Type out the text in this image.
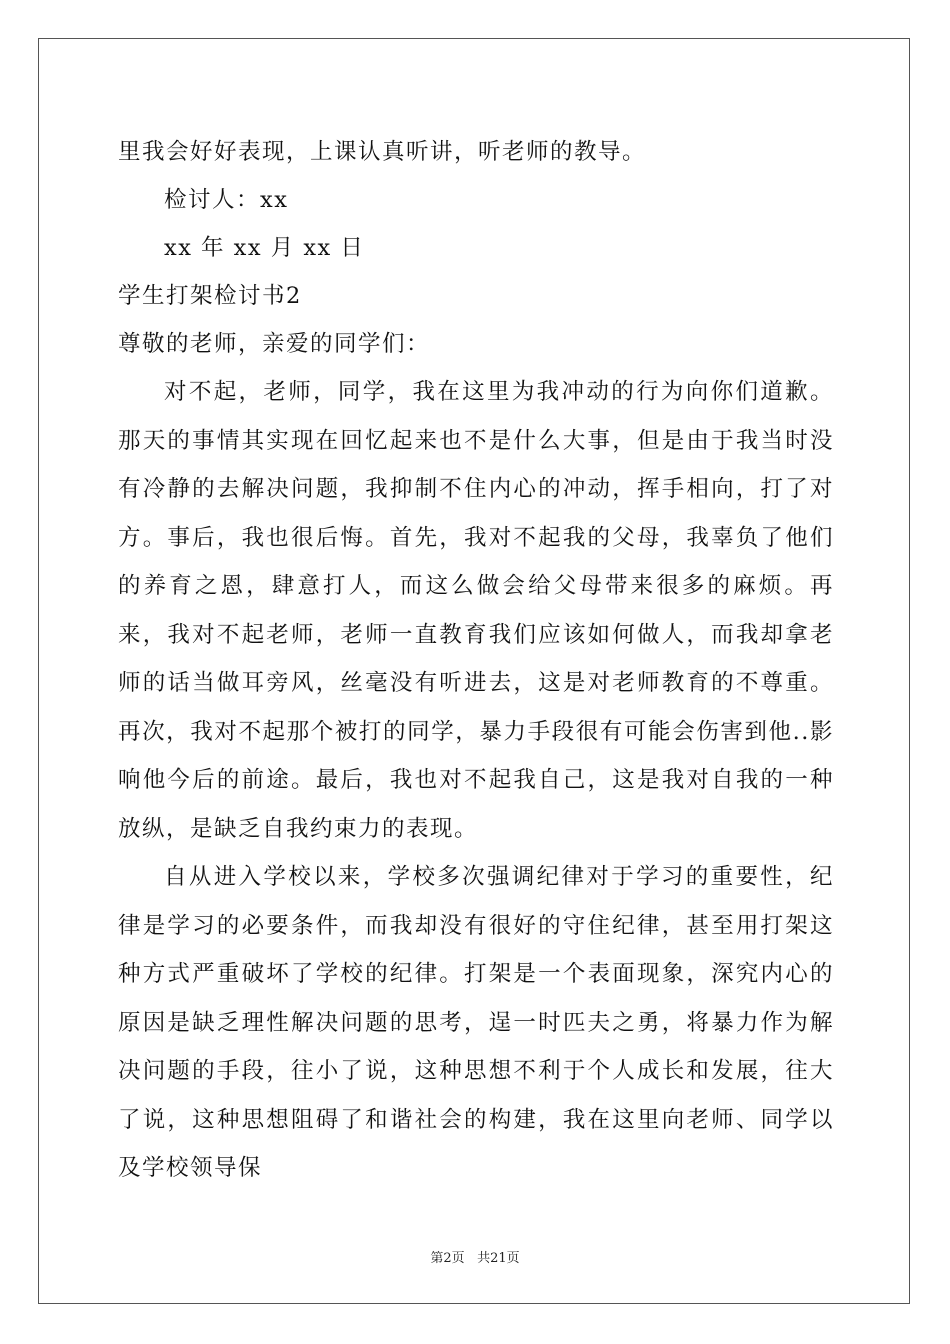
里我会好好表现，上课认真听讲，听老师的教导。
检讨人：xx
xx 年 xx 月 xx 日
学生打架检讨书2
尊敬的老师，亲爱的同学们：

对不起，老师，同学，我在这里为我冲动的行为向你们道歉。那天的事情其实现在回忆起来也不是什么大事，但是由于我当时没有冷静的去解决问题，我抑制不住内心的冲动，挥手相向，打了对方。事后，我也很后悔。首先，我对不起我的父母，我辜负了他们的养育之恩，肆意打人，而这么做会给父母带来很多的麻烦。再来，我对不起老师，老师一直教育我们应该如何做人，而我却拿老师的话当做耳旁风，丝毫没有听进去，这是对老师教育的不尊重。再次，我对不起那个被打的同学，暴力手段很有可能会伤害到他..影响他今后的前途。最后，我也对不起我自己，这是我对自我的一种放纵，是缺乏自我约束力的表现。

自从进入学校以来，学校多次强调纪律对于学习的重要性，纪律是学习的必要条件，而我却没有很好的守住纪律，甚至用打架这种方式严重破坏了学校的纪律。打架是一个表面现象，深究内心的原因是缺乏理性解决问题的思考，逞一时匹夫之勇，将暴力作为解决问题的手段，往小了说，这种思想不利于个人成长和发展，往大了说，这种思想阻碍了和谐社会的构建，我在这里向老师、同学以及学校领导保

第2页 共21页
